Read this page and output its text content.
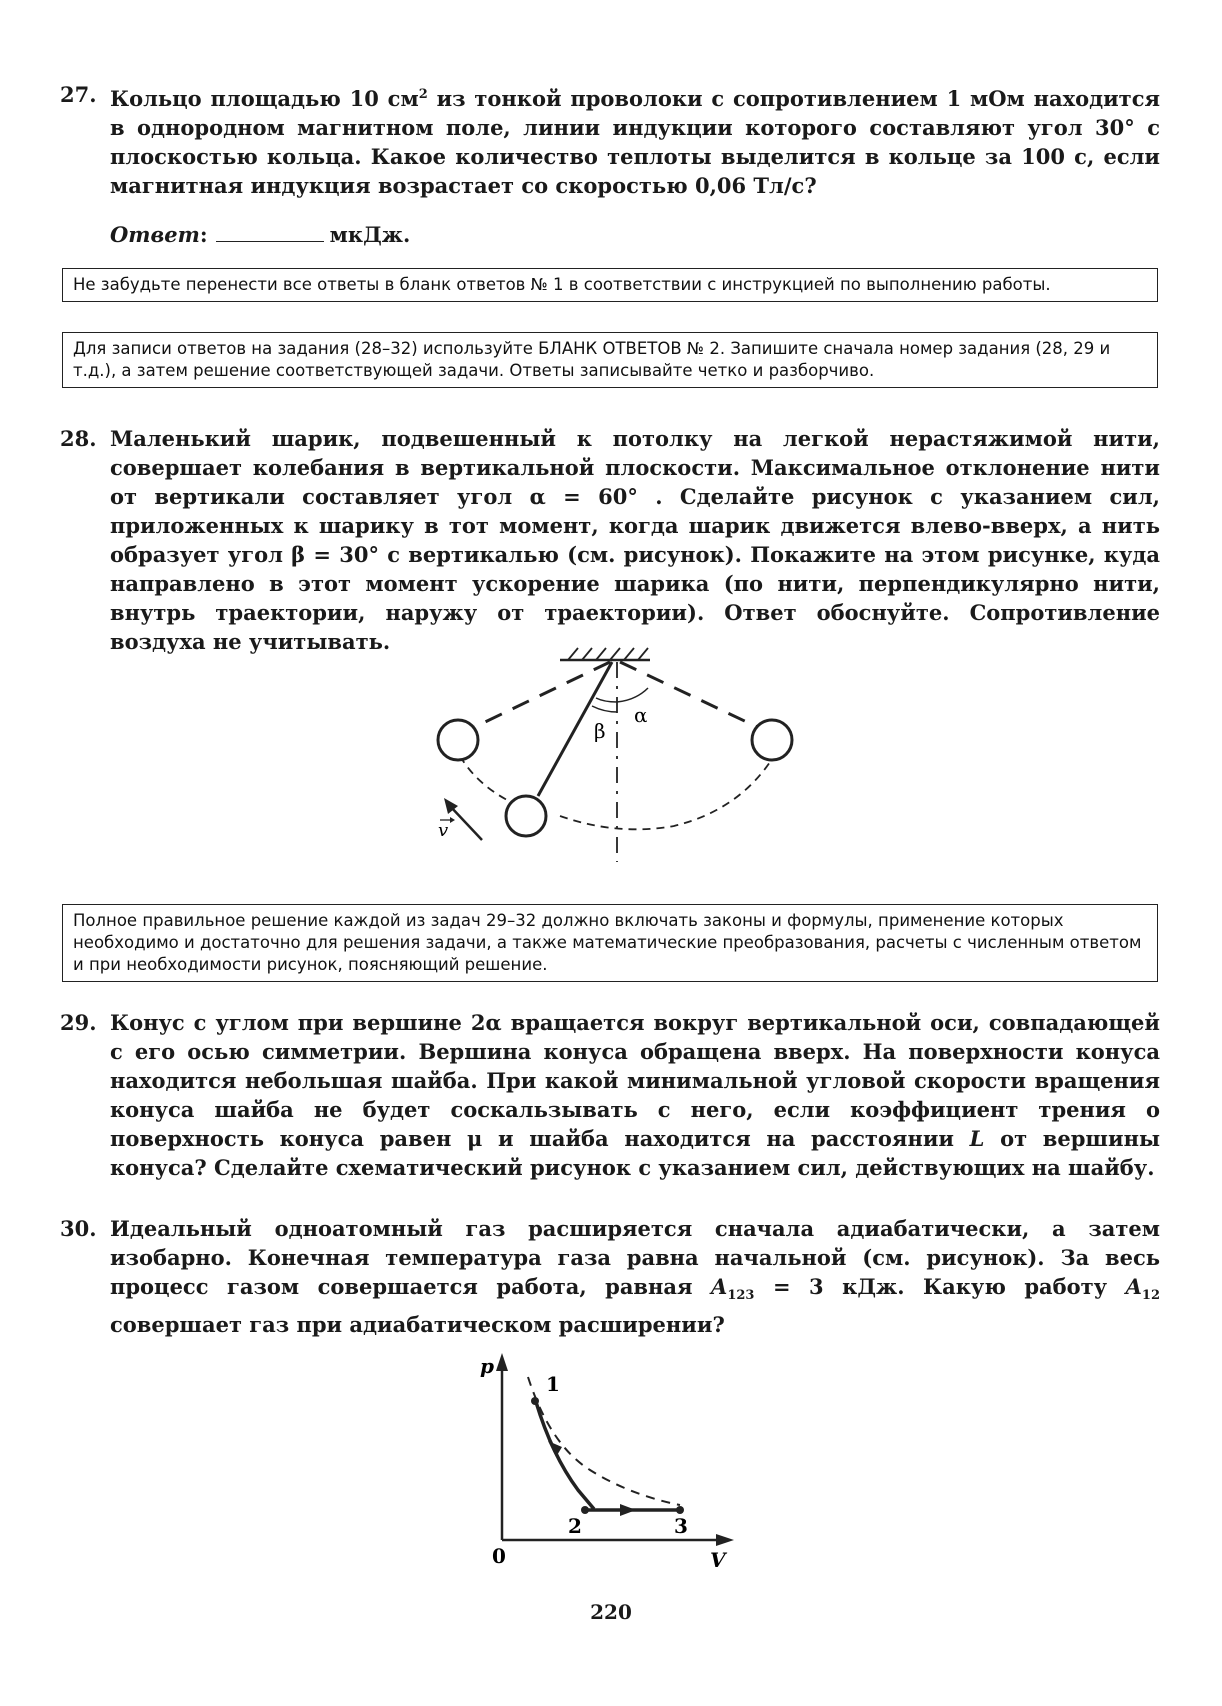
27. Кольцо площадью 10 $см^2$ из тонкой проволоки с сопротивлением 1 мОм находится в однородном магнитном поле, линии индукции которого составляют угол 30° с плоскостью кольца. Какое количество теплоты выделится в кольце за 100 с, если магнитная индукция возрастает со скоростью 0,06 Тл/с?
Ответ:	мкДж.
Не забудьте перенести все ответы в бланк ответов № 1 в соответствии с инструкцией по выполнению работы.
Для записи ответов на задания (28–32) используйте БЛАНК ОТВЕТОВ № 2. Запишите сначала номер задания (28, 29 и т.д.), а затем решение соответствующей задачи. Ответы записывайте четко и разборчиво.
28. Маленький шарик, подвешенный к потолку на легкой нерастяжимой нити, совершает колебания в вертикальной плоскости. Максимальное отклонение нити от вертикали составляет угол α = 60° . Сделайте рисунок с указанием сил, приложенных к шарику в тот момент, когда шарик движется влево-вверх, а нить образует угол β = 30° с вертикалью (см. рисунок). Покажите на этом рисунке, куда направлено в этот момент ускорение шарика (по нити, перпендикулярно нити, внутрь траектории, наружу от траектории). Ответ обоснуйте. Сопротивление воздуха не учитывать.
α
β
v
Полное правильное решение каждой из задач 29–32 должно включать законы и формулы, применение которых необходимо и достаточно для решения задачи, а также математические преобразования, расчеты с численным ответом и при необходимости рисунок, поясняющий решение.
29. Конус с углом при вершине 2α вращается вокруг вертикальной оси, совпадающей с его осью симметрии. Вершина конуса обращена вверх. На поверхности конуса находится небольшая шайба. При какой минимальной угловой скорости вращения конуса шайба не будет соскальзывать с него, если коэффициент трения о поверхность конуса равен μ и шайба находится на расстоянии L от вершины конуса? Сделайте схематический рисунок с указанием сил, действующих на шайбу.
30. Идеальный одноатомный газ расширяется сначала адиабатически, а затем изобарно. Конечная температура газа равна начальной (см. рисунок). За весь процесс газом совершается работа, равная $A_{123} = 3$ кДж. Какую работу $A_{12}$ совершает газ при адиабатическом расширении?
p
V
0
1
2	3
220
